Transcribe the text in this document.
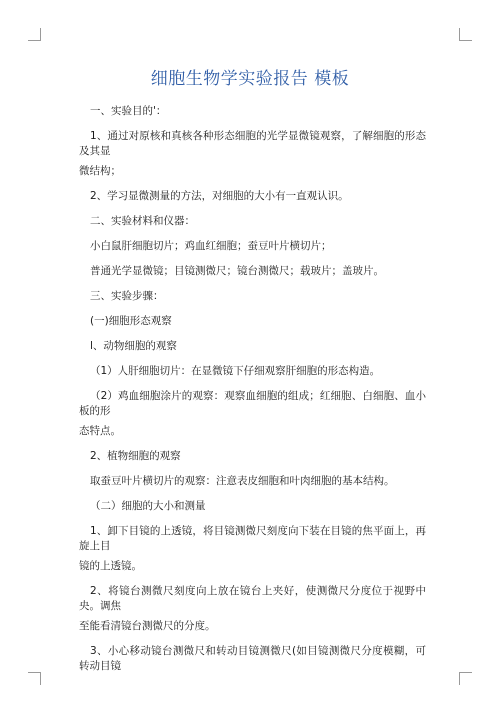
细胞生物学实验报告 模板

一、实验目的'：

1、通过对原核和真核各种形态细胞的光学显微镜观察，了解细胞的形态及其显

微结构；

2、学习显微测量的方法，对细胞的大小有一直观认识。

二、实验材料和仪器：

小白鼠肝细胞切片；鸡血红细胞；蚕豆叶片横切片；

普通光学显微镜；目镜测微尺；镜台测微尺；载玻片；盖玻片。

三、实验步骤：

(一)细胞形态观察

l、动物细胞的观察

（1）人肝细胞切片：在显微镜下仔细观察肝细胞的形态构造。

（2）鸡血细胞涂片的观察：观察血细胞的组成；红细胞、白细胞、血小板的形

态特点。

2、植物细胞的观察

取蚕豆叶片横切片的观察：注意表皮细胞和叶肉细胞的基本结构。

（二）细胞的大小和测量

1、卸下目镜的上透镜，将目镜测微尺刻度向下装在目镜的焦平面上，再旋上目

镜的上透镜。

2、将镜台测微尺刻度向上放在镜台上夹好，使测微尺分度位于视野中央。调焦

至能看清镜台测微尺的分度。

3、小心移动镜台测微尺和转动目镜测微尺(如目镜测微尺分度模糊，可转动目镜
